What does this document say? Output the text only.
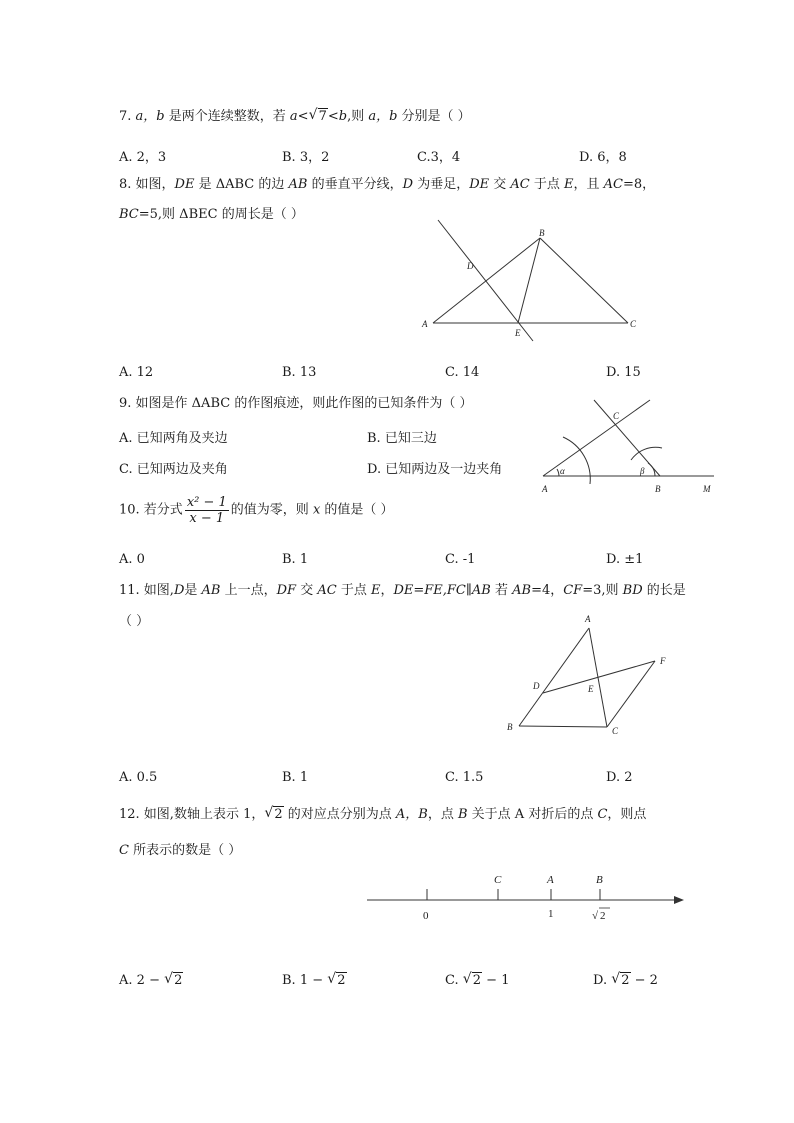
7. a，b 是两个连续整数，若 a< √ 7<b,则 a，b 分别是（ ）
A. 2，3	B. 3，2	C.3，4	D. 6，8
8. 如图，DE 是 ΔABC 的边 AB 的垂直平分线，D 为垂足，DE 交 AC 于点 E，且 AC=8，
BC=5,则 ΔBEC 的周长是（ ）
B
D
A	C
E
A. 12	B. 13	C. 14	D. 15
9. 如图是作 ΔABC 的作图痕迹，则此作图的已知条件为（ ）
A. 已知两角及夹边	B. 已知三边
C. 已知两边及夹角	D. 已知两边及一边夹角
C
α	β
A	B	M
10. 若分式 $\frac{\text{x² − 1}}{x - 1}$ 的值为零，则 x 的值是（ ）
A. 0	B. 1	C. -1	D. ±1
11. 如图,D是 AB 上一点，DF 交 AC 于点 E，DE=FE,FC∥AB 若 AB=4，CF=3,则 BD 的长是
（ ）	A
F
D	E
B	C
A. 0.5	B. 1	C. 1.5	D. 2
12. 如图,数轴上表示 1， √ 2 的对应点分别为点 A，B，点 B 关于点 A 对折后的点 C，则点
C 所表示的数是（ ）
C	A	B
0	1	√ 2
A. 2 − √ 2	B. 1 − √ 2	C. √ 2 − 1	D. √ 2 − 2
